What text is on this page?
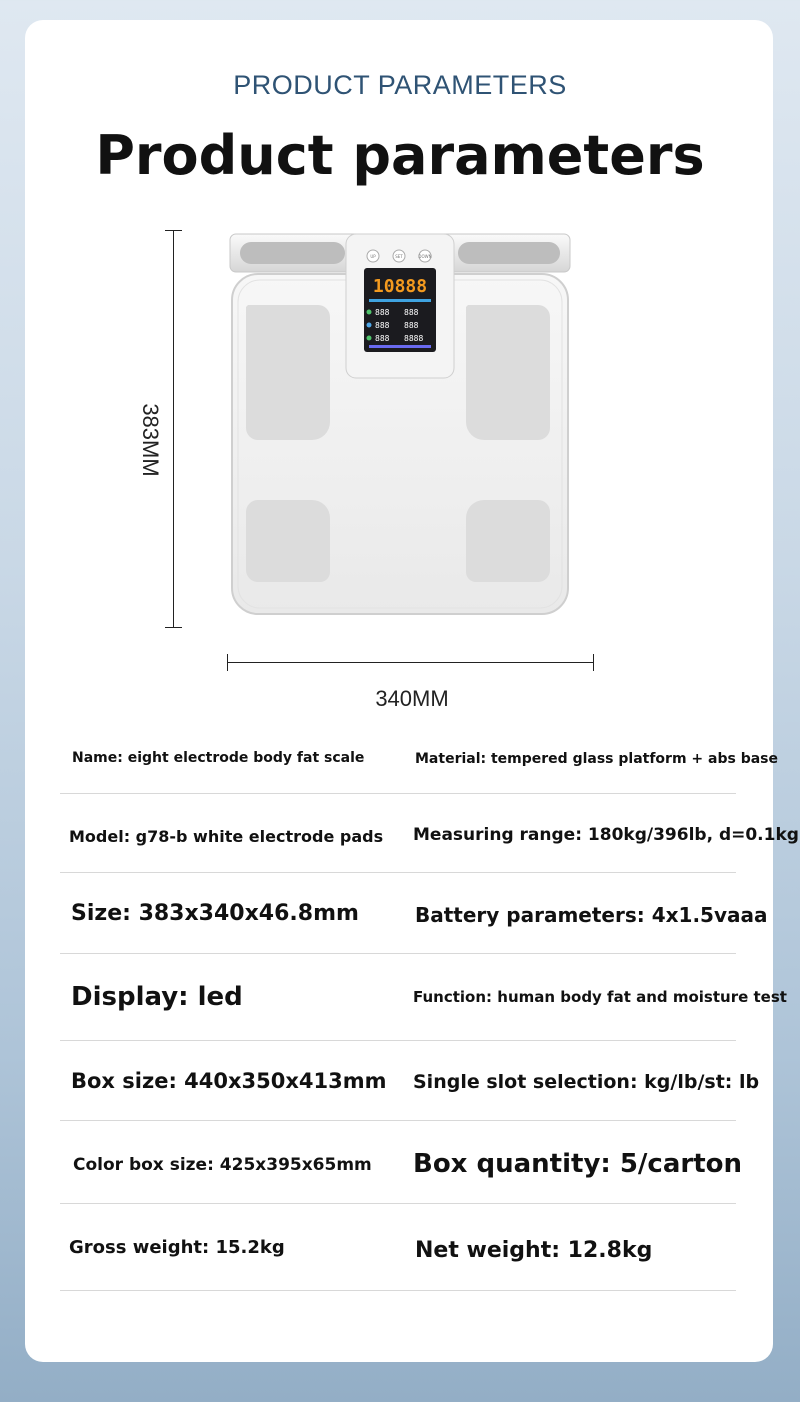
PRODUCT PARAMETERS
Product parameters
UP	SET	DOWN
10888
888 888
888 888
888 8888
383MM
340MM
Name: eight electrode body fat scale	Material: tempered glass platform + abs base
Model: g78-b white electrode pads Measuring range: 180kg/396lb, d=0.1kg
Size: 383x340x46.8mm	Battery parameters: 4x1.5vaaa
Display: led	Function: human body fat and moisture test
Box size: 440x350x413mm Single slot selection: kg/lb/st: lb
Color box size: 425x395x65mm Box quantity: 5/carton
Gross weight: 15.2kg	Net weight: 12.8kg
